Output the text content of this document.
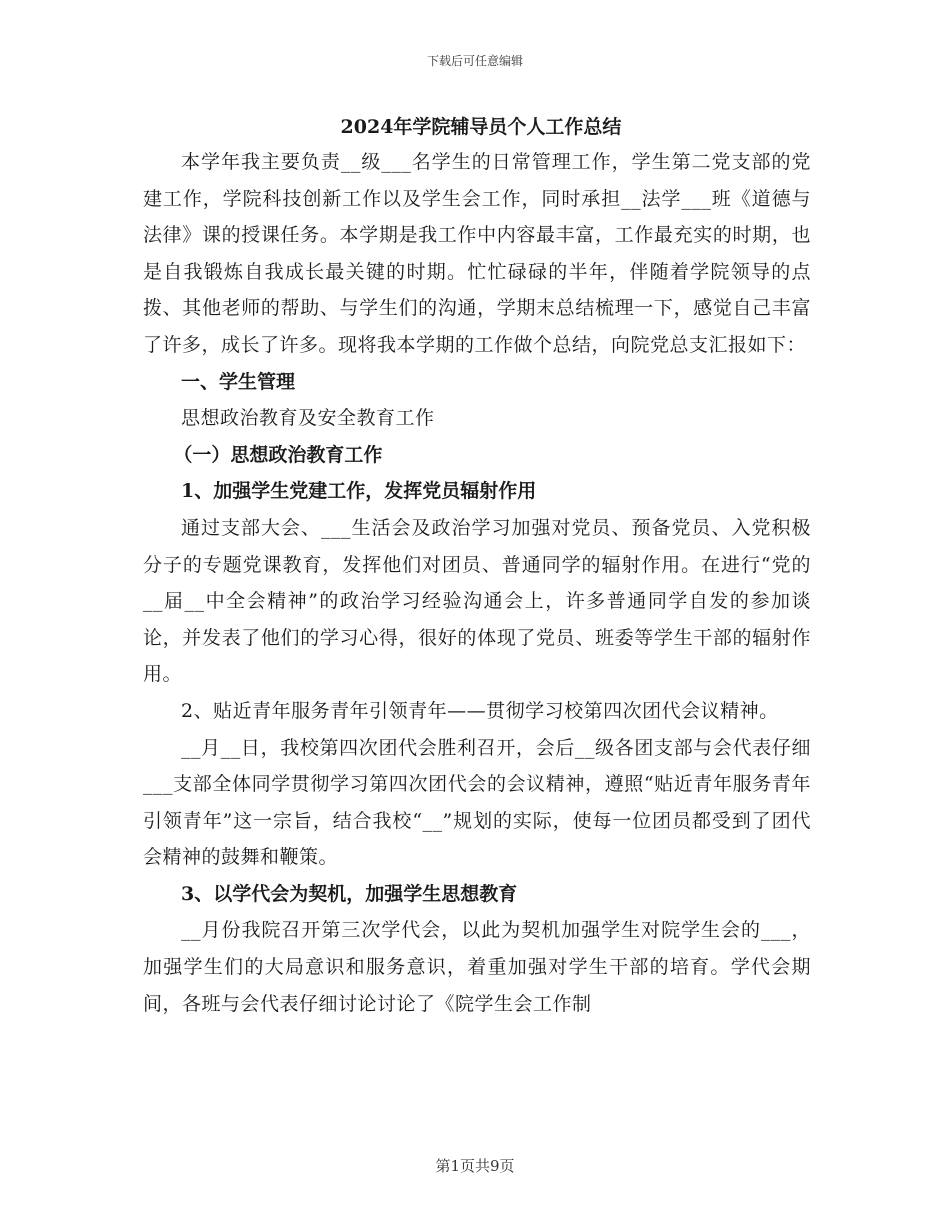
下载后可任意编辑
2024年学院辅导员个人工作总结

本学年我主要负责__级___名学生的日常管理工作，学生第二党支部的党建工作，学院科技创新工作以及学生会工作，同时承担__法学___班《道德与法律》课的授课任务。本学期是我工作中内容最丰富，工作最充实的时期，也是自我锻炼自我成长最关键的时期。忙忙碌碌的半年，伴随着学院领导的点拨、其他老师的帮助、与学生们的沟通，学期末总结梳理一下，感觉自己丰富了许多，成长了许多。现将我本学期的工作做个总结，向院党总支汇报如下：

一、学生管理

思想政治教育及安全教育工作

（一）思想政治教育工作

1、加强学生党建工作，发挥党员辐射作用

通过支部大会、___生活会及政治学习加强对党员、预备党员、入党积极分子的专题党课教育，发挥他们对团员、普通同学的辐射作用。在进行“党的__届__中全会精神”的政治学习经验沟通会上，许多普通同学自发的参加谈论，并发表了他们的学习心得，很好的体现了党员、班委等学生干部的辐射作用。

2、贴近青年服务青年引领青年——贯彻学习校第四次团代会议精神。

__月__日，我校第四次团代会胜利召开，会后__级各团支部与会代表仔细___支部全体同学贯彻学习第四次团代会的会议精神，遵照“贴近青年服务青年引领青年”这一宗旨，结合我校“__”规划的实际，使每一位团员都受到了团代会精神的鼓舞和鞭策。

3、以学代会为契机，加强学生思想教育

__月份我院召开第三次学代会，以此为契机加强学生对院学生会的___，加强学生们的大局意识和服务意识，着重加强对学生干部的培育。学代会期间，各班与会代表仔细讨论讨论了《院学生会工作制

第1页共9页
